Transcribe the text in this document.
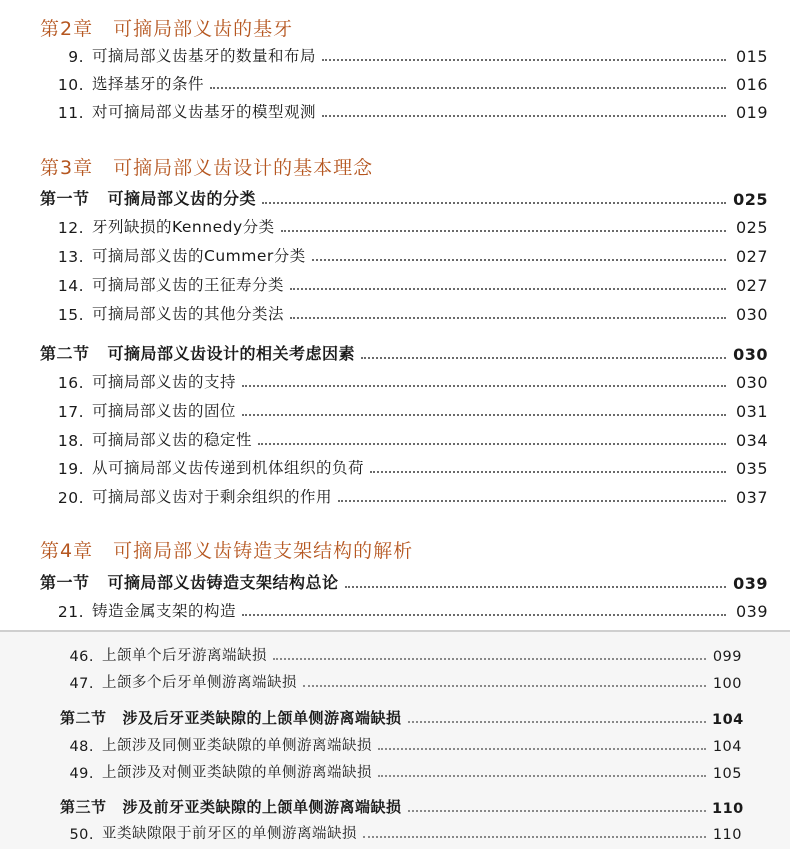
第2章 可摘局部义齿的基牙
9. 可摘局部义齿基牙的数量和布局	015
10. 选择基牙的条件	016
11. 对可摘局部义齿基牙的模型观测	019
第3章 可摘局部义齿设计的基本理念
第一节 可摘局部义齿的分类	025
12. 牙列缺损的Kennedy分类	025
13. 可摘局部义齿的Cummer分类	027
14. 可摘局部义齿的王征寿分类	027
15. 可摘局部义齿的其他分类法	030
第二节 可摘局部义齿设计的相关考虑因素	030
16. 可摘局部义齿的支持	030
17. 可摘局部义齿的固位	031
18. 可摘局部义齿的稳定性	034
19. 从可摘局部义齿传递到机体组织的负荷	035
20. 可摘局部义齿对于剩余组织的作用	037
第4章 可摘局部义齿铸造支架结构的解析
第一节 可摘局部义齿铸造支架结构总论	039
21. 铸造金属支架的构造	039
46. 上颌单个后牙游离端缺损	099
47. 上颌多个后牙单侧游离端缺损	100
第二节 涉及后牙亚类缺隙的上颌单侧游离端缺损	104
48. 上颌涉及同侧亚类缺隙的单侧游离端缺损	104
49. 上颌涉及对侧亚类缺隙的单侧游离端缺损	105
第三节 涉及前牙亚类缺隙的上颌单侧游离端缺损	110
50. 亚类缺隙限于前牙区的单侧游离端缺损	110
